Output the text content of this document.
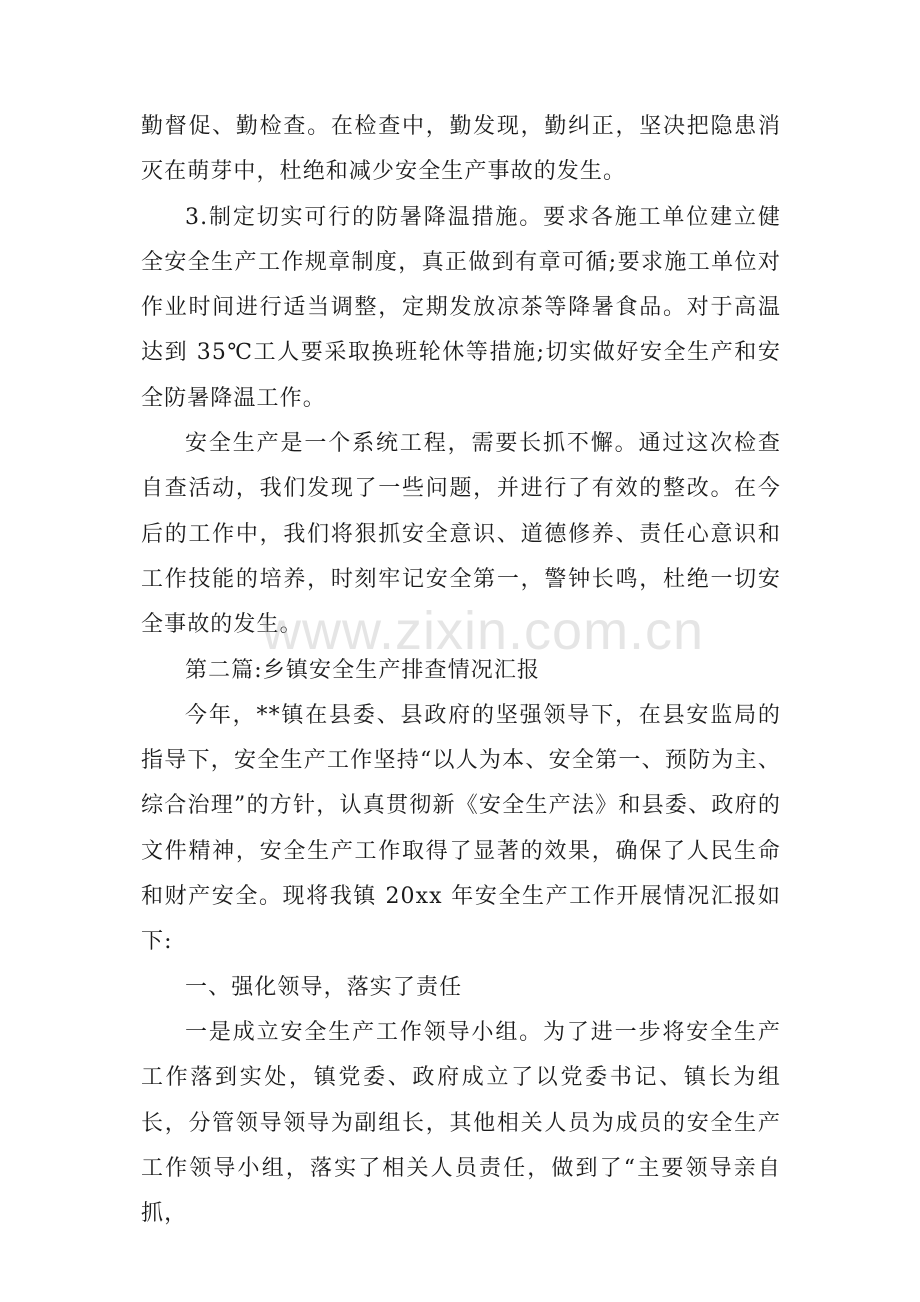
勤督促、勤检查。在检查中，勤发现，勤纠正，坚决把隐患消灭在萌芽中，杜绝和减少安全生产事故的发生。

3.制定切实可行的防暑降温措施。要求各施工单位建立健全安全生产工作规章制度，真正做到有章可循;要求施工单位对作业时间进行适当调整，定期发放凉茶等降暑食品。对于高温达到 35℃工人要采取换班轮休等措施;切实做好安全生产和安全防暑降温工作。

安全生产是一个系统工程，需要长抓不懈。通过这次检查自查活动，我们发现了一些问题，并进行了有效的整改。在今后的工作中，我们将狠抓安全意识、道德修养、责任心意识和工作技能的培养，时刻牢记安全第一，警钟长鸣，杜绝一切安全事故的发生。

第二篇:乡镇安全生产排查情况汇报

今年，**镇在县委、县政府的坚强领导下，在县安监局的指导下，安全生产工作坚持“以人为本、安全第一、预防为主、综合治理”的方针，认真贯彻新《安全生产法》和县委、政府的文件精神，安全生产工作取得了显著的效果，确保了人民生命和财产安全。现将我镇 20xx 年安全生产工作开展情况汇报如下:

一、强化领导，落实了责任

一是成立安全生产工作领导小组。为了进一步将安全生产工作落到实处，镇党委、政府成立了以党委书记、镇长为组长，分管领导领导为副组长，其他相关人员为成员的安全生产工作领导小组，落实了相关人员责任，做到了“主要领导亲自抓，

www.zixin.com.cn
